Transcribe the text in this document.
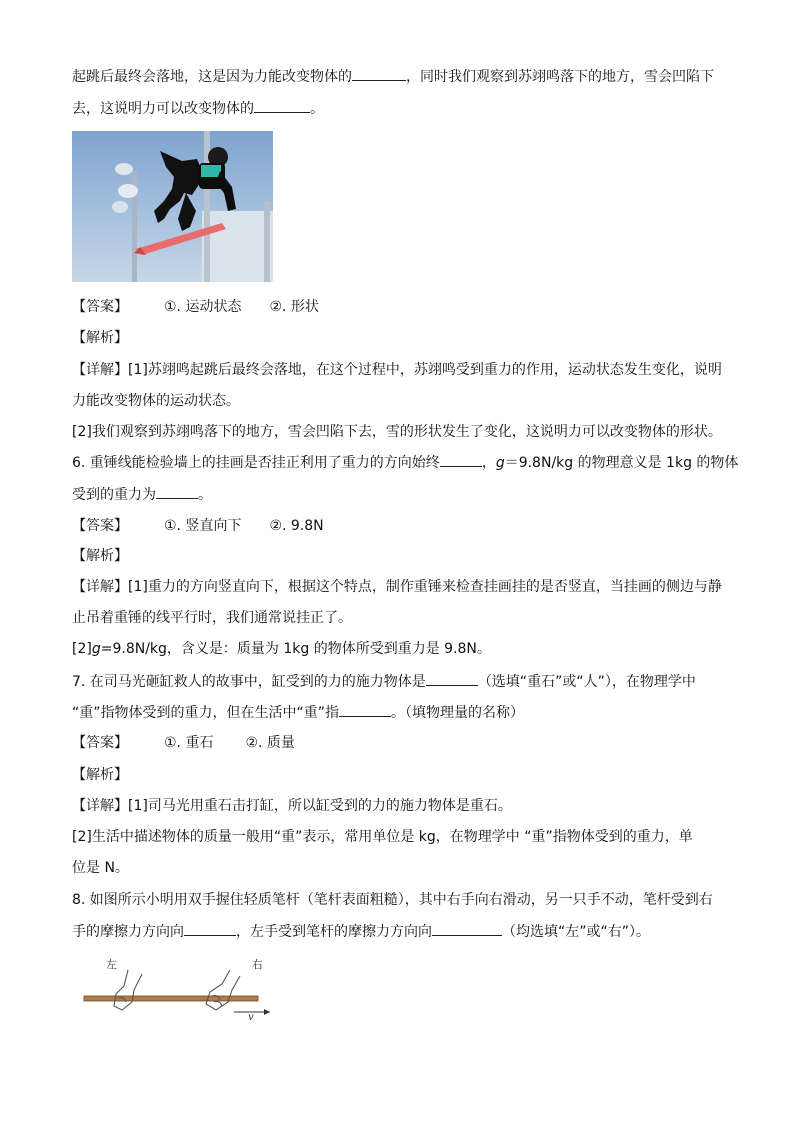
起跳后最终会落地，这是因为力能改变物体的	，同时我们观察到苏翊鸣落下的地方，雪会凹陷下
去，这说明力可以改变物体的	。
【答案】	①. 运动状态 ②. 形状
【解析】
【详解】[1]苏翊鸣起跳后最终会落地，在这个过程中，苏翊鸣受到重力的作用，运动状态发生变化，说明
力能改变物体的运动状态。
[2]我们观察到苏翊鸣落下的地方，雪会凹陷下去，雪的形状发生了变化，这说明力可以改变物体的形状。
6. 重锤线能检验墙上的挂画是否挂正利用了重力的方向始终	，g＝9.8N/kg 的物理意义是 1kg 的物体
受到的重力为	。
【答案】	①. 竖直向下 ②. 9.8N
【解析】
【详解】[1]重力的方向竖直向下，根据这个特点，制作重锤来检查挂画挂的是否竖直，当挂画的侧边与静
止吊着重锤的线平行时，我们通常说挂正了。
[2]g=9.8N/kg，含义是：质量为 1kg 的物体所受到重力是 9.8N。
7. 在司马光砸缸救人的故事中，缸受到的力的施力物体是	（选填“重石”或“人”），在物理学中
“重”指物体受到的重力，但在生活中“重”指	。（填物理量的名称）
【答案】	①. 重石 ②. 质量
【解析】
【详解】[1]司马光用重石击打缸，所以缸受到的力的施力物体是重石。
[2]生活中描述物体的质量一般用“重”表示，常用单位是 kg，在物理学中 “重”指物体受到的重力，单
位是 N。
8. 如图所示小明用双手握住轻质笔杆（笔杆表面粗糙），其中右手向右滑动，另一只手不动，笔杆受到右
手的摩擦力方向向	，左手受到笔杆的摩擦力方向向	（均选填“左”或“右”）。
左	右
v
